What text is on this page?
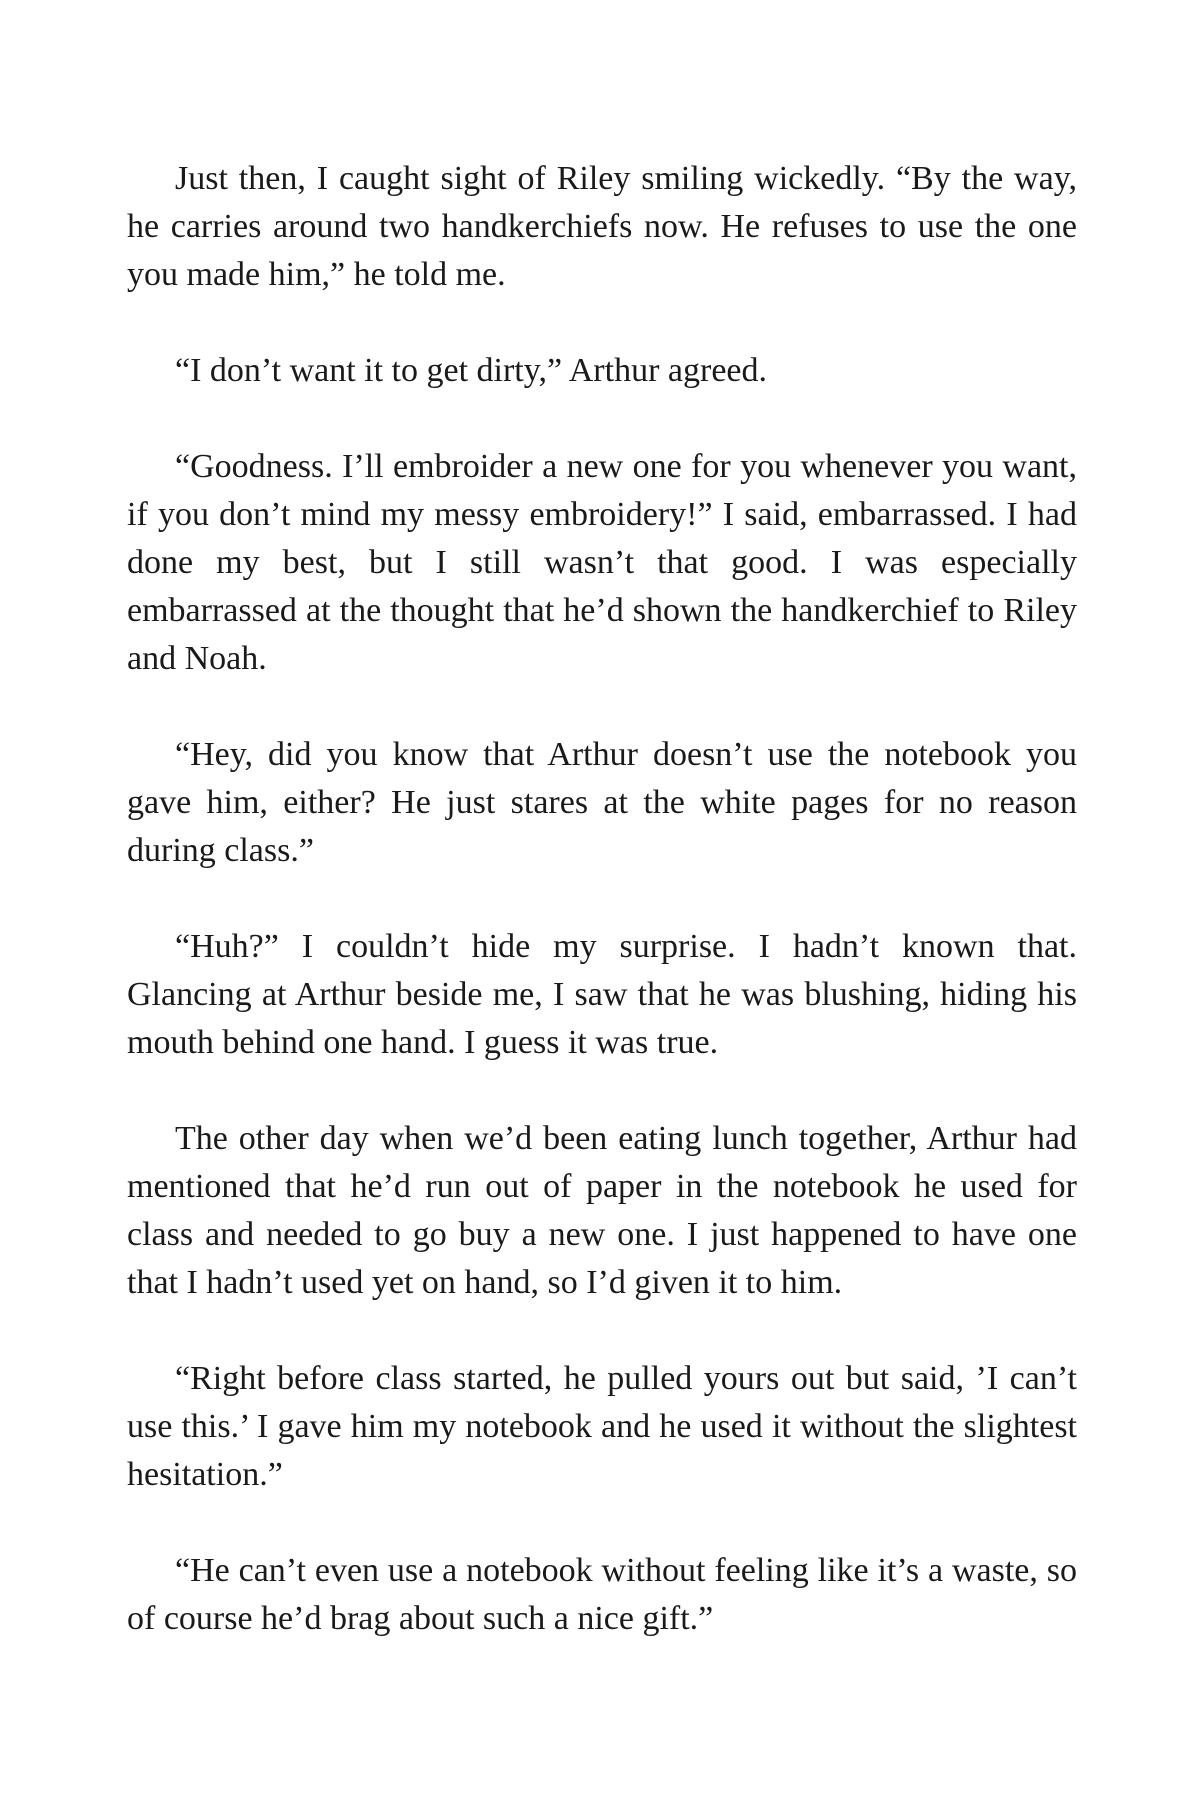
Just then, I caught sight of Riley smiling wickedly. “By the way, he carries around two handkerchiefs now. He refuses to use the one you made him,” he told me.

“I don’t want it to get dirty,” Arthur agreed.

“Goodness. I’ll embroider a new one for you whenever you want, if you don’t mind my messy embroidery!” I said, embarrassed. I had done my best, but I still wasn’t that good. I was especially embarrassed at the thought that he’d shown the handkerchief to Riley and Noah.

“Hey, did you know that Arthur doesn’t use the notebook you gave him, either? He just stares at the white pages for no reason during class.”

“Huh?” I couldn’t hide my surprise. I hadn’t known that. Glancing at Arthur beside me, I saw that he was blushing, hiding his mouth behind one hand. I guess it was true.

The other day when we’d been eating lunch together, Arthur had mentioned that he’d run out of paper in the notebook he used for class and needed to go buy a new one. I just happened to have one that I hadn’t used yet on hand, so I’d given it to him.

“Right before class started, he pulled yours out but said, ’I can’t use this.’ I gave him my notebook and he used it without the slightest hesitation.”

“He can’t even use a notebook without feeling like it’s a waste, so of course he’d brag about such a nice gift.”
